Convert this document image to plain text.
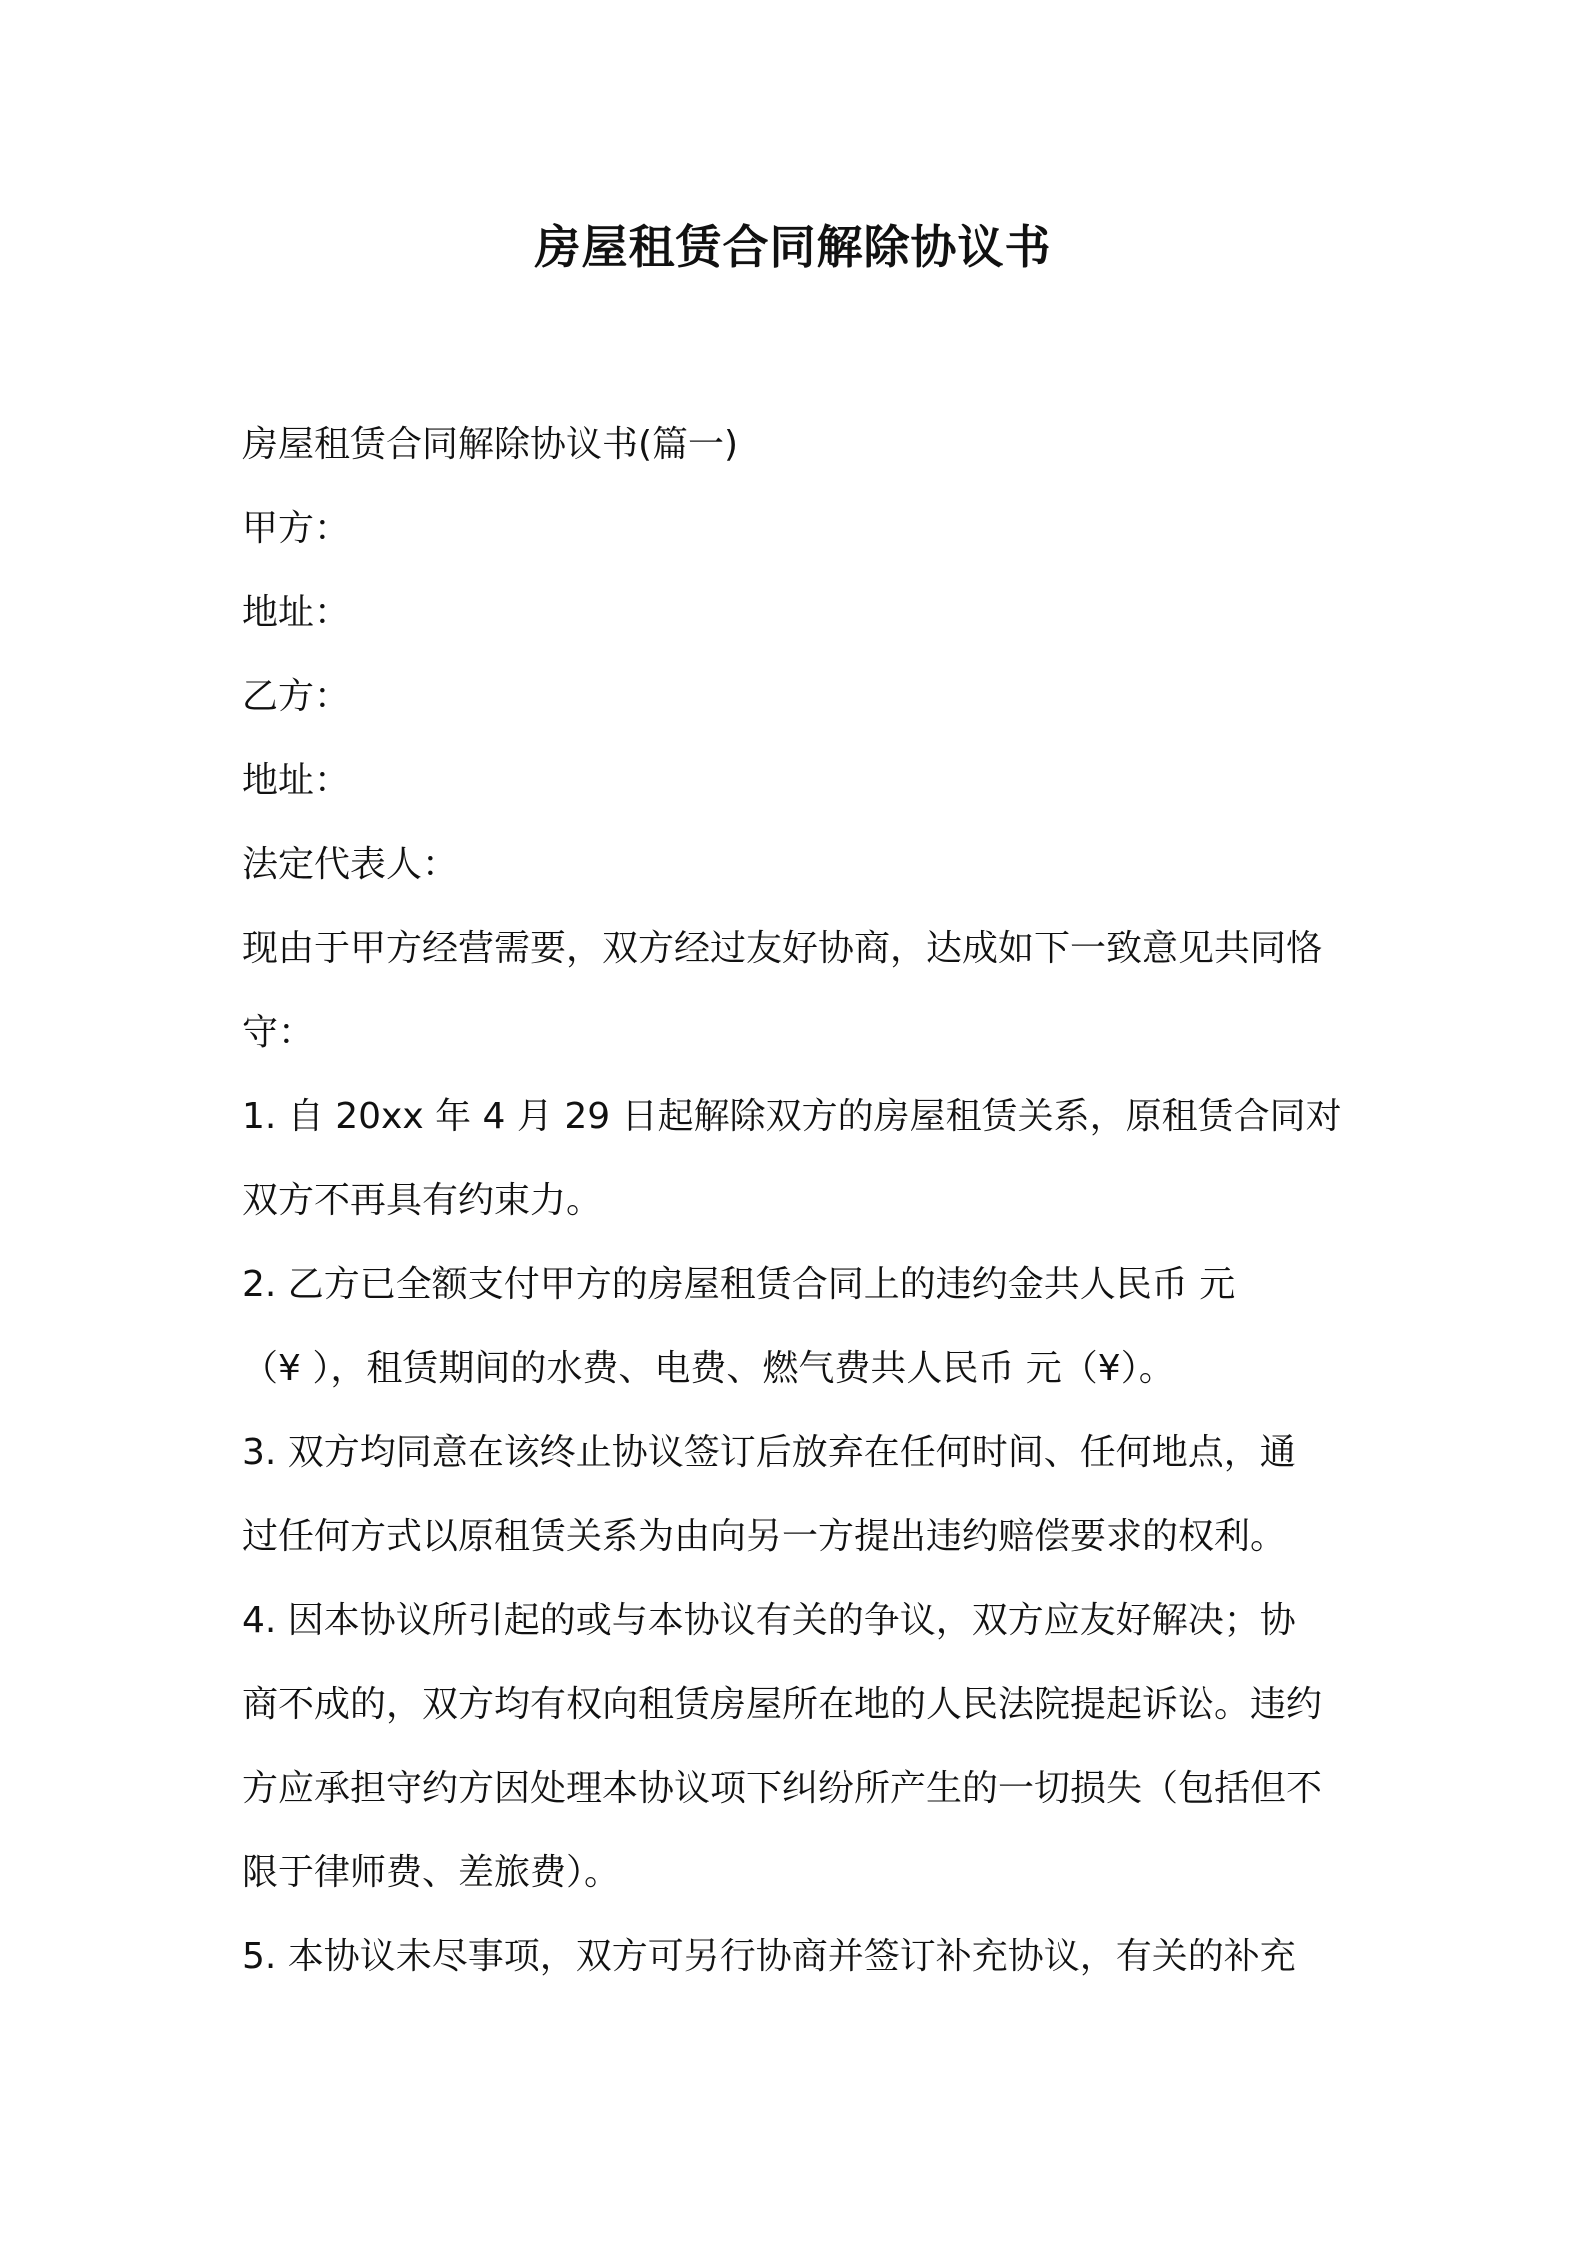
房屋租赁合同解除协议书
房屋租赁合同解除协议书(篇一)
甲方：
地址：
乙方：
地址：
法定代表人：
现由于甲方经营需要，双方经过友好协商，达成如下一致意见共同恪
守：
1. 自 20xx 年 4 月 29 日起解除双方的房屋租赁关系，原租赁合同对
双方不再具有约束力。
2. 乙方已全额支付甲方的房屋租赁合同上的违约金共人民币 元
（¥ ），租赁期间的水费、电费、燃气费共人民币 元（¥）。
3. 双方均同意在该终止协议签订后放弃在任何时间、任何地点，通
过任何方式以原租赁关系为由向另一方提出违约赔偿要求的权利。
4. 因本协议所引起的或与本协议有关的争议，双方应友好解决；协
商不成的，双方均有权向租赁房屋所在地的人民法院提起诉讼。违约
方应承担守约方因处理本协议项下纠纷所产生的一切损失（包括但不
限于律师费、差旅费）。
5. 本协议未尽事项，双方可另行协商并签订补充协议，有关的补充
